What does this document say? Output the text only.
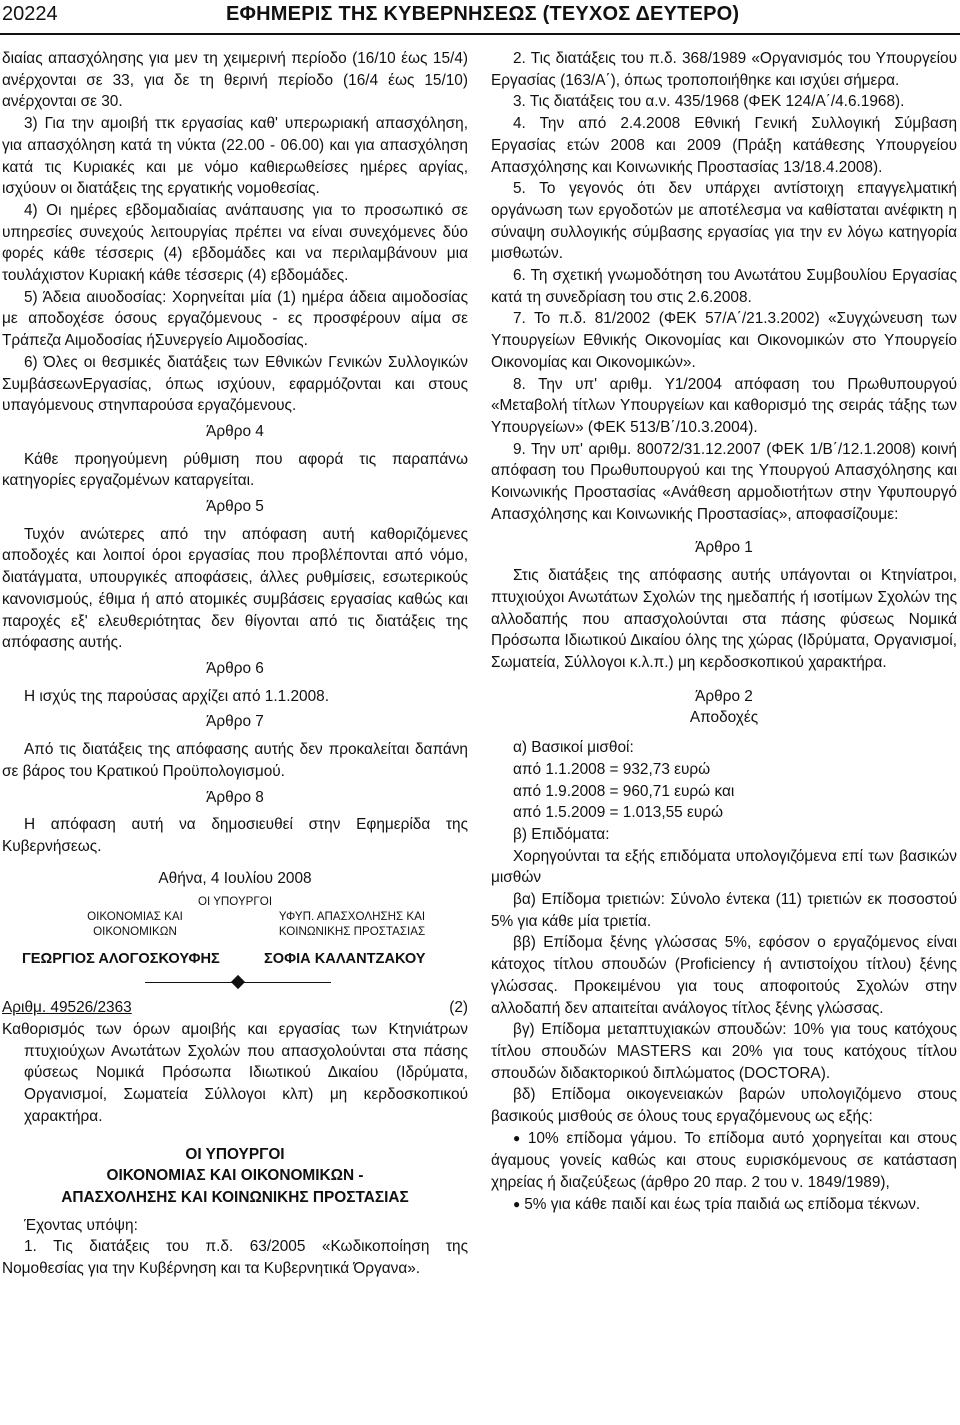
20224	ΕΦΗΜΕΡΙΣ ΤΗΣ ΚΥΒΕΡΝΗΣΕΩΣ (ΤΕΥΧΟΣ ΔΕΥΤΕΡΟ)

διαίας απασχόλησης για μεν τη χειμερινή περίοδο (16/10 έως 15/4) ανέρχονται σε 33, για δε τη θερινή περίοδο (16/4 έως 15/10) ανέρχονται σε 30.

3) Για την αμοιβή ττκ εργασίας καθ' υπερωριακή απασχόληση, για απασχόληση κατά τη νύκτα (22.00 - 06.00) και για απασχόληση κατά τις Κυριακές και με νόμο καθιερωθείσες ημέρες αργίας, ισχύουν οι διατάξεις της εργατικής νομοθεσίας.

4) Οι ημέρες εβδομαδιαίας ανάπαυσης για το προσωπικό σε υπηρεσίες συνεχούς λειτουργίας πρέπει να είναι συνεχόμενες δύο φορές κάθε τέσσερις (4) εβδομάδες και να περιλαμβάνουν μια τουλάχιστον Κυριακή κάθε τέσσερις (4) εβδομάδες.

5) Άδεια αιυοδοσίας: Χορηνείται μία (1) ημέρα άδεια αιμοδοσίας με αποδοχέσε όσους εργαζόμενους - ες προσφέρουν αίμα σε Τράπεζα Αιμοδοσίας ήΣυνεργείο Αιμοδοσίας.

6) Όλες οι θεσμικές διατάξεις των Εθνικών Γενικών Συλλογικών ΣυμβάσεωνΕργασίας, όπως ισχύουν, εφαρμόζονται και στους υπαγόμενους στηνπαρούσα εργαζόμενους.

Άρθρο 4

Κάθε προηγούμενη ρύθμιση που αφορά τις παραπάνω κατηγορίες εργαζομένων καταργείται.

Άρθρο 5

Τυχόν ανώτερες από την απόφαση αυτή καθοριζόμενες αποδοχές και λοιποί όροι εργασίας που προβλέπονται από νόμο, διατάγματα, υπουργικές αποφάσεις, άλλες ρυθμίσεις, εσωτερικούς κανονισμούς, έθιμα ή από ατομικές συμβάσεις εργασίας καθώς και παροχές εξ' ελευθεριότητας δεν θίγονται από τις διατάξεις της απόφασης αυτής.

Άρθρο 6

Η ισχύς της παρούσας αρχίζει από 1.1.2008.

Άρθρο 7

Από τις διατάξεις της απόφασης αυτής δεν προκαλείται δαπάνη σε βάρος του Κρατικού Προϋπολογισμού.

Άρθρο 8

Η απόφαση αυτή να δημοσιευθεί στην Εφημερίδα της Κυβερνήσεως.

Αθήνα, 4 Ιουλίου 2008

ΟΙ ΥΠΟΥΡΓΟΙ
ΟΙΚΟΝΟΜΙΑΣ ΚΑΙ
ΟΙΚΟΝΟΜΙΚΩΝ
ΥΦΥΠ. ΑΠΑΣΧΟΛΗΣΗΣ ΚΑΙ
ΚΟΙΝΩΝΙΚΗΣ ΠΡΟΣΤΑΣΙΑΣ
ΓΕΩΡΓΙΟΣ ΑΛΟΓΟΣΚΟΥΦΗΣ	ΣΟΦΙΑ ΚΑΛΑΝΤΖΑΚΟΥ
Αριθμ. 49526/2363	(2)

Καθορισμός των όρων αμοιβής και εργασίας των Κτηνιάτρων πτυχιούχων Ανωτάτων Σχολών που απασχολούνται στα πάσης φύσεως Νομικά Πρόσωπα Ιδιωτικού Δικαίου (Ιδρύματα, Οργανισμοί, Σωματεία Σύλλογοι κλπ) μη κερδοσκοπικού χαρακτήρα.

ΟΙ ΥΠΟΥΡΓΟΙ

ΟΙΚΟΝΟΜΙΑΣ ΚΑΙ ΟΙΚΟΝΟΜΙΚΩΝ -

ΑΠΑΣΧΟΛΗΣΗΣ ΚΑΙ ΚΟΙΝΩΝΙΚΗΣ ΠΡΟΣΤΑΣΙΑΣ

Έχοντας υπόψη:

1. Τις διατάξεις του π.δ. 63/2005 «Κωδικοποίηση της Νομοθεσίας για την Κυβέρνηση και τα Κυβερνητικά Όργανα».

2. Τις διατάξεις του π.δ. 368/1989 «Οργανισμός του Υπουργείου Εργασίας (163/Α΄), όπως τροποποιήθηκε και ισχύει σήμερα.

3. Τις διατάξεις του α.ν. 435/1968 (ΦΕΚ 124/Α΄/4.6.1968).

4. Την από 2.4.2008 Εθνική Γενική Συλλογική Σύμβαση Εργασίας ετών 2008 και 2009 (Πράξη κατάθεσης Υπουργείου Απασχόλησης και Κοινωνικής Προστασίας 13/18.4.2008).

5. Το γεγονός ότι δεν υπάρχει αντίστοιχη επαγγελματική οργάνωση των εργοδοτών με αποτέλεσμα να καθίσταται ανέφικτη η σύναψη συλλογικής σύμβασης εργασίας για την εν λόγω κατηγορία μισθωτών.

6. Τη σχετική γνωμοδότηση του Ανωτάτου Συμβουλίου Εργασίας κατά τη συνεδρίαση του στις 2.6.2008.

7. Το π.δ. 81/2002 (ΦΕΚ 57/Α΄/21.3.2002) «Συγχώνευση των Υπουργείων Εθνικής Οικονομίας και Οικονομικών στο Υπουργείο Οικονομίας και Οικονομικών».

8. Την υπ' αριθμ. Υ1/2004 απόφαση του Πρωθυπουργού «Μεταβολή τίτλων Υπουργείων και καθορισμό της σειράς τάξης των Υπουργείων» (ΦΕΚ 513/Β΄/10.3.2004).

9. Την υπ' αριθμ. 80072/31.12.2007 (ΦΕΚ 1/Β΄/12.1.2008) κοινή απόφαση του Πρωθυπουργού και της Υπουργού Απασχόλησης και Κοινωνικής Προστασίας «Ανάθεση αρμοδιοτήτων στην Υφυπουργό Απασχόλησης και Κοινωνικής Προστασίας», αποφασίζουμε:

Άρθρο 1

Στις διατάξεις της απόφασης αυτής υπάγονται οι Κτηνίατροι, πτυχιούχοι Ανωτάτων Σχολών της ημεδαπής ή ισοτίμων Σχολών της αλλοδαπής που απασχολούνται στα πάσης φύσεως Νομικά Πρόσωπα Ιδιωτικού Δικαίου όλης της χώρας (Ιδρύματα, Οργανισμοί, Σωματεία, Σύλλογοι κ.λ.π.) μη κερδοσκοπικού χαρακτήρα.

Άρθρο 2

Αποδοχές

α) Βασικοί μισθοί:

από 1.1.2008 = 932,73 ευρώ

από 1.9.2008 = 960,71 ευρώ και

από 1.5.2009 = 1.013,55 ευρώ

β) Επιδόματα:

Χορηγούνται τα εξής επιδόματα υπολογιζόμενα επί των βασικών μισθών

βα) Επίδομα τριετιών: Σύνολο έντεκα (11) τριετιών εκ ποσοστού 5% για κάθε μία τριετία.

ββ) Επίδομα ξένης γλώσσας 5%, εφόσον ο εργαζόμενος είναι κάτοχος τίτλου σπουδών (Proficiency ή αντιστοίχου τίτλου) ξένης γλώσσας. Προκειμένου για τους αποφοιτούς Σχολών στην αλλοδαπή δεν απαιτείται ανάλογος τίτλος ξένης γλώσσας.

βγ) Επίδομα μεταπτυχιακών σπουδών: 10% για τους κατόχους τίτλου σπουδών MASTERS και 20% για τους κατόχους τίτλου σπουδών διδακτορικού διπλώματος (DOCTORA).

βδ) Επίδομα οικογενειακών βαρών υπολογιζόμενο στους βασικούς μισθούς σε όλους τους εργαζόμενους ως εξής:

● 10% επίδομα γάμου. Το επίδομα αυτό χορηγείται και στους άγαμους γονείς καθώς και στους ευρισκόμενους σε κατάσταση χηρείας ή διαζεύξεως (άρθρο 20 παρ. 2 του ν. 1849/1989),

● 5% για κάθε παιδί και έως τρία παιδιά ως επίδομα τέκνων.
